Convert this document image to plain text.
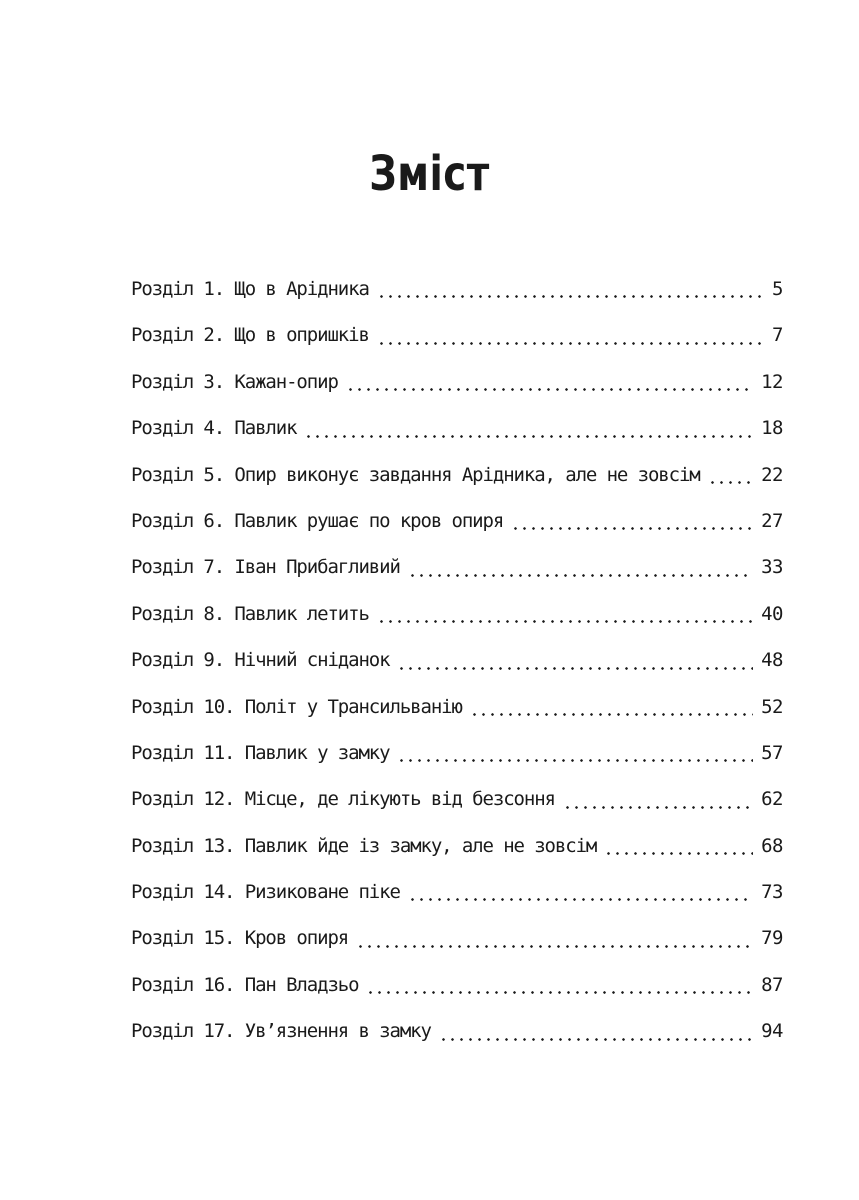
Зміст
Розділ 1. Що в Арідника	5
Розділ 2. Що в опришків	7
Розділ 3. Кажан-опир	12
Розділ 4. Павлик	18
Розділ 5. Опир виконує завдання Арідника, але не зовсім	22
Розділ 6. Павлик рушає по кров опиря	27
Розділ 7. Іван Прибагливий	33
Розділ 8. Павлик летить	40
Розділ 9. Нічний сніданок	48
Розділ 10. Політ у Трансильванію	52
Розділ 11. Павлик у замку	57
Розділ 12. Місце, де лікують від безсоння	62
Розділ 13. Павлик йде із замку, але не зовсім	68
Розділ 14. Ризиковане піке	73
Розділ 15. Кров опиря	79
Розділ 16. Пан Владзьо	87
Розділ 17. Ув’язнення в замку	94
